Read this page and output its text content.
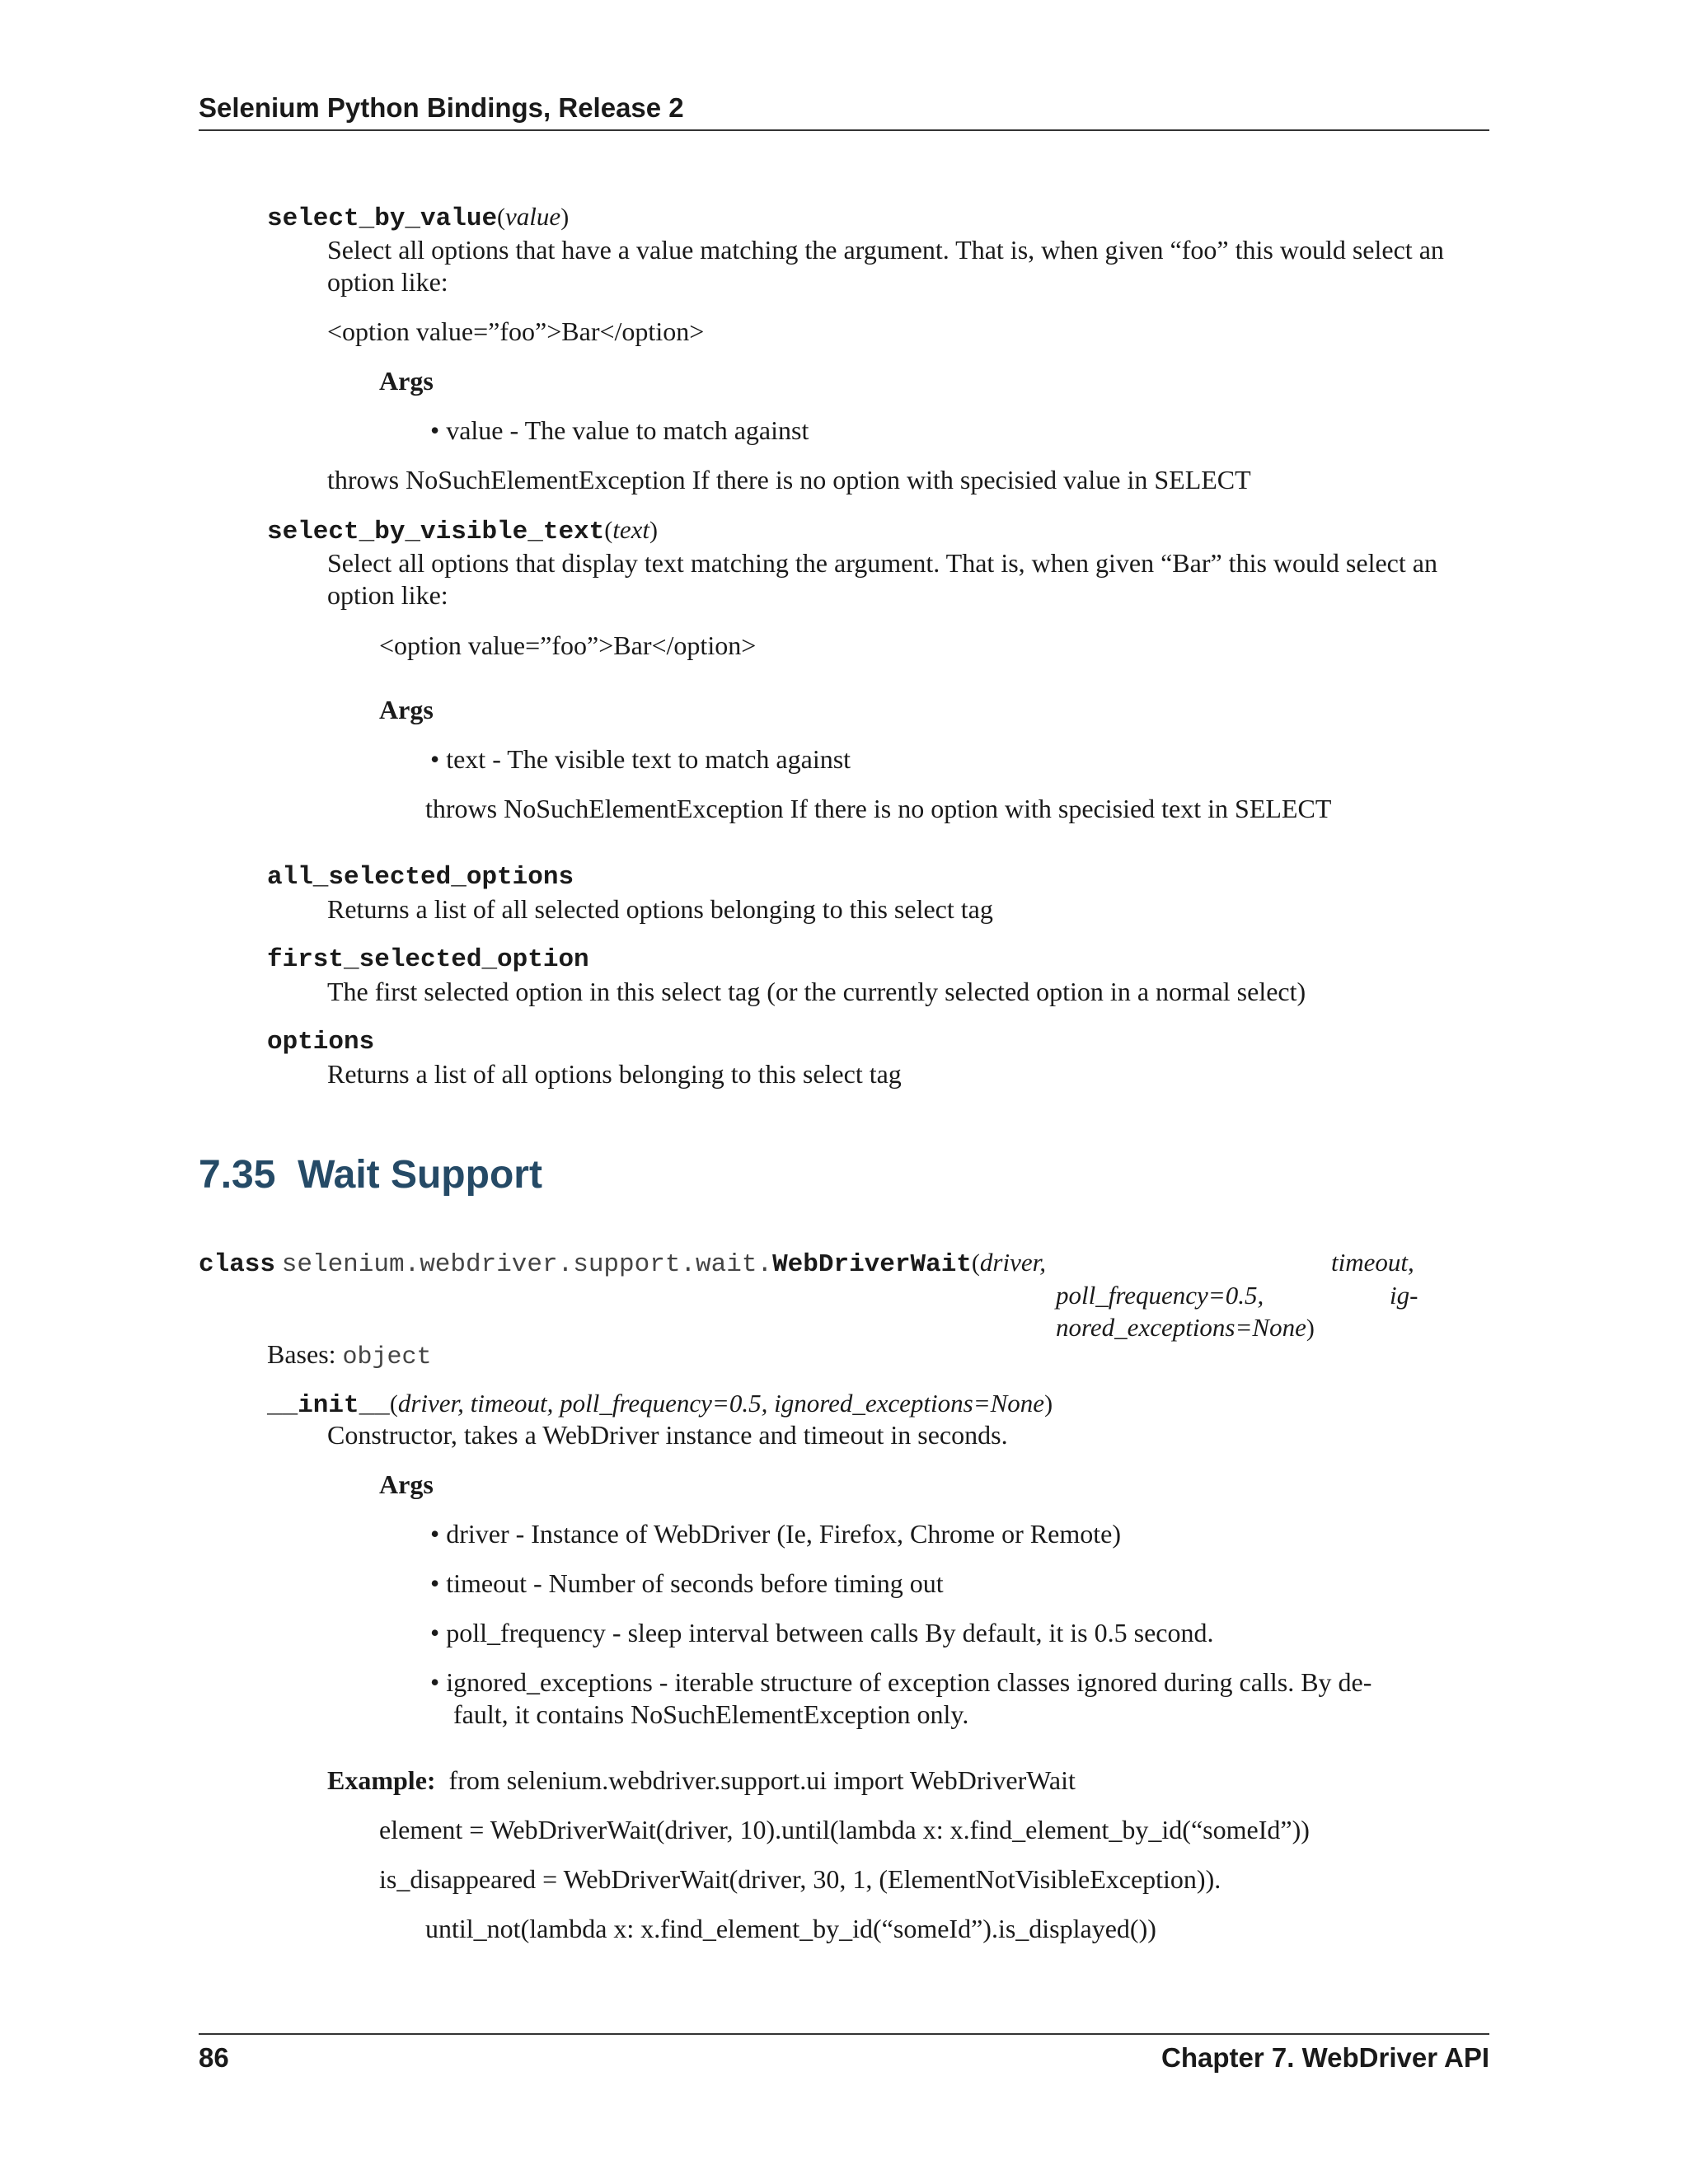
Selenium Python Bindings, Release 2
select_by_value(value)
Select all options that have a value matching the argument. That is, when given “foo” this would select an
option like:
<option value=”foo”>Bar</option>
Args
• value - The value to match against
throws NoSuchElementException If there is no option with specisied value in SELECT
select_by_visible_text(text)
Select all options that display text matching the argument. That is, when given “Bar” this would select an
option like:
<option value=”foo”>Bar</option>
Args
• text - The visible text to match against
throws NoSuchElementException If there is no option with specisied text in SELECT
all_selected_options
Returns a list of all selected options belonging to this select tag
first_selected_option
The first selected option in this select tag (or the currently selected option in a normal select)
options
Returns a list of all options belonging to this select tag
7.35 Wait Support
class selenium.webdriver.support.wait.WebDriverWait(driver,	timeout,
poll_frequency=0.5,	ig-
nored_exceptions=None)
Bases: object
__init__(driver, timeout, poll_frequency=0.5, ignored_exceptions=None)
Constructor, takes a WebDriver instance and timeout in seconds.
Args
• driver - Instance of WebDriver (Ie, Firefox, Chrome or Remote)
• timeout - Number of seconds before timing out
• poll_frequency - sleep interval between calls By default, it is 0.5 second.
• ignored_exceptions - iterable structure of exception classes ignored during calls. By de-
fault, it contains NoSuchElementException only.
Example: from selenium.webdriver.support.ui import WebDriverWait
element = WebDriverWait(driver, 10).until(lambda x: x.find_element_by_id(“someId”))
is_disappeared = WebDriverWait(driver, 30, 1, (ElementNotVisibleException)).
until_not(lambda x: x.find_element_by_id(“someId”).is_displayed())
86	Chapter 7. WebDriver API
